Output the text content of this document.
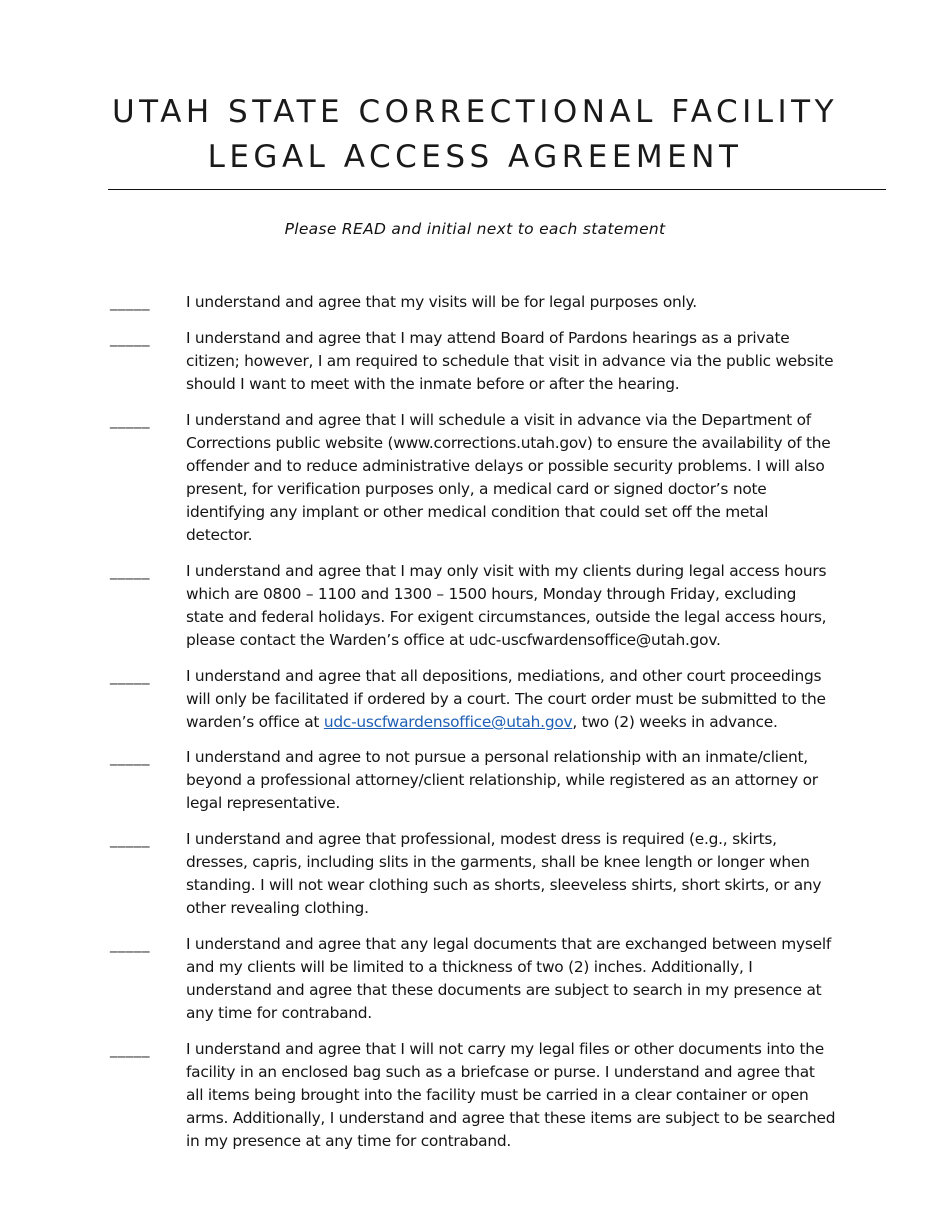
UTAH STATE CORRECTIONAL FACILITY
LEGAL ACCESS AGREEMENT
Please READ and initial next to each statement
_____ I understand and agree that my visits will be for legal purposes only.
_____ I understand and agree that I may attend Board of Pardons hearings as a private citizen; however, I am required to schedule that visit in advance via the public website should I want to meet with the inmate before or after the hearing.
_____ I understand and agree that I will schedule a visit in advance via the Department of Corrections public website (www.corrections.utah.gov) to ensure the availability of the offender and to reduce administrative delays or possible security problems. I will also present, for verification purposes only, a medical card or signed doctor’s note identifying any implant or other medical condition that could set off the metal detector.
_____ I understand and agree that I may only visit with my clients during legal access hours which are 0800 – 1100 and 1300 – 1500 hours, Monday through Friday, excluding state and federal holidays. For exigent circumstances, outside the legal access hours, please contact the Warden’s office at udc-uscfwardensoffice@utah.gov.
_____ I understand and agree that all depositions, mediations, and other court proceedings will only be facilitated if ordered by a court. The court order must be submitted to the warden’s office at udc-uscfwardensoffice@utah.gov, two (2) weeks in advance.
_____ I understand and agree to not pursue a personal relationship with an inmate/client, beyond a professional attorney/client relationship, while registered as an attorney or legal representative.
_____ I understand and agree that professional, modest dress is required (e.g., skirts, dresses, capris, including slits in the garments, shall be knee length or longer when standing. I will not wear clothing such as shorts, sleeveless shirts, short skirts, or any other revealing clothing.
_____ I understand and agree that any legal documents that are exchanged between myself and my clients will be limited to a thickness of two (2) inches. Additionally, I understand and agree that these documents are subject to search in my presence at any time for contraband.
_____ I understand and agree that I will not carry my legal files or other documents into the facility in an enclosed bag such as a briefcase or purse. I understand and agree that all items being brought into the facility must be carried in a clear container or open arms. Additionally, I understand and agree that these items are subject to be searched in my presence at any time for contraband.
